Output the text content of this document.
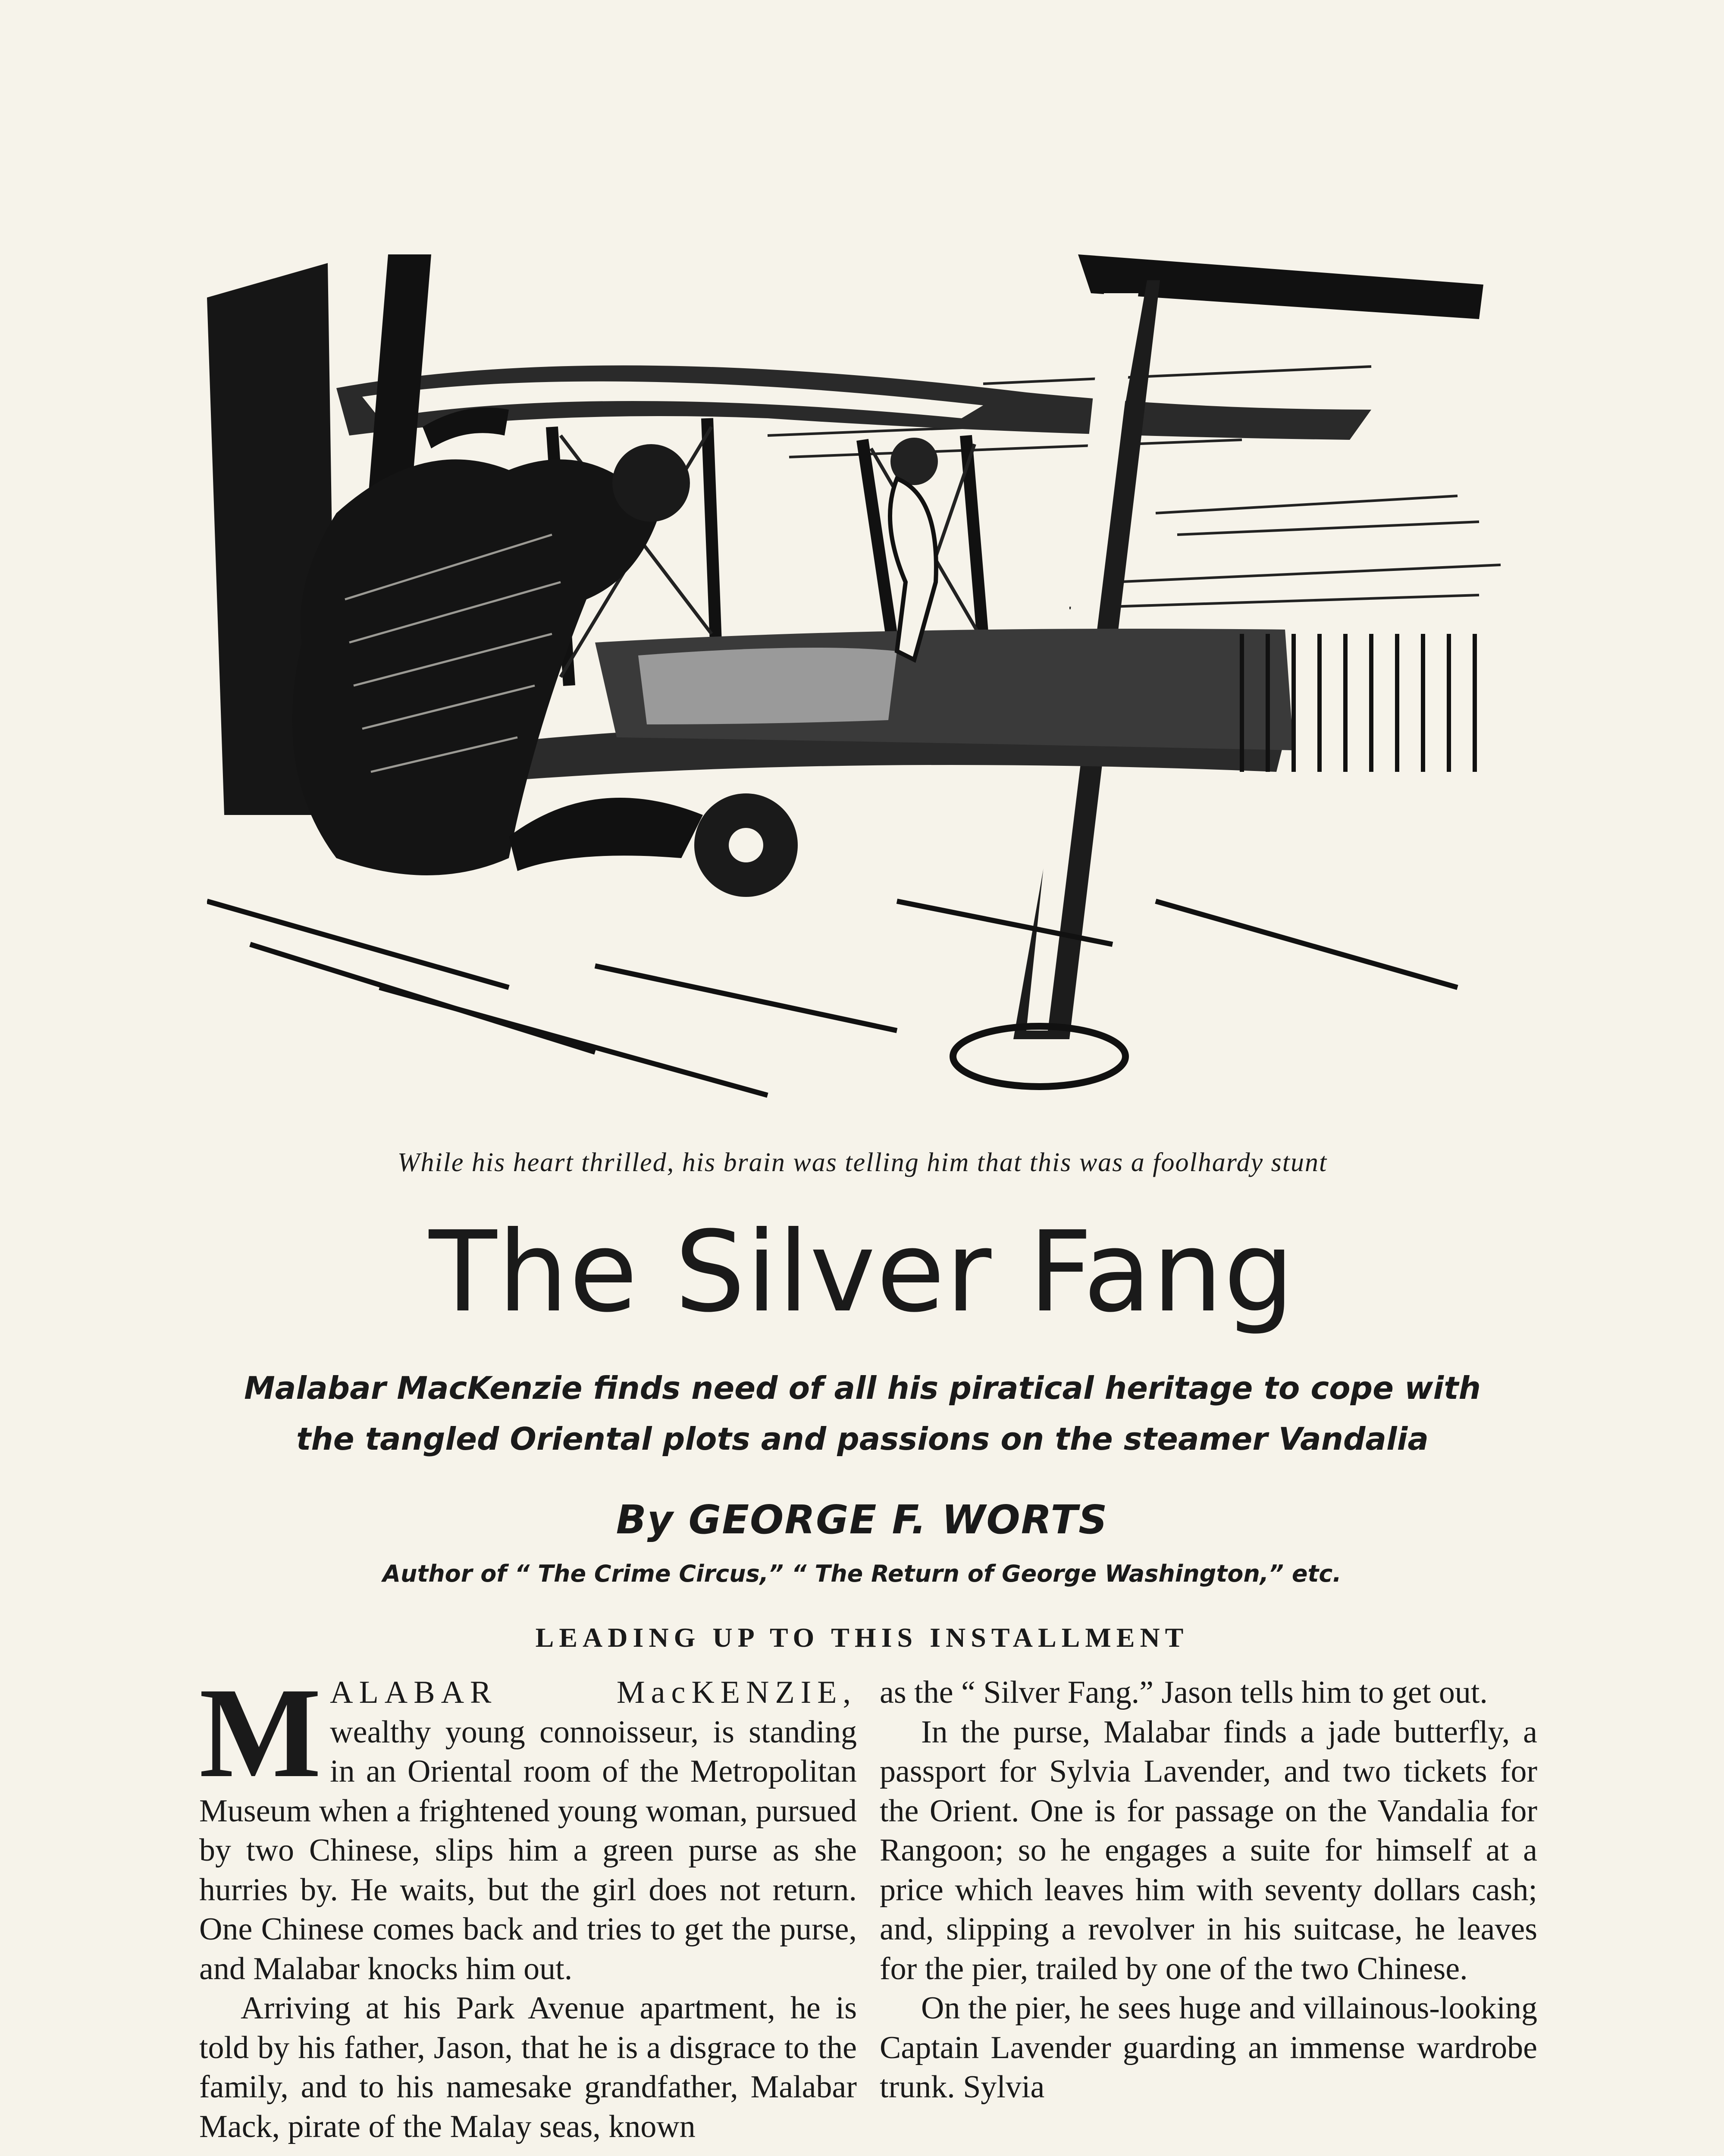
While his heart thrilled, his brain was telling him that this was a foolhardy stunt
The Silver Fang
Malabar MacKenzie finds need of all his piratical heritage to cope with the tangled Oriental plots and passions on the steamer Vandalia
By GEORGE F. WORTS
Author of “ The Crime Circus,” “ The Return of George Washington,” etc.
LEADING UP TO THIS INSTALLMENT

MALABAR MacKENZIE, wealthy young connoisseur, is standing in an Oriental room of the Metropolitan Museum when a frightened young woman, pursued by two Chinese, slips him a green purse as she hurries by. He waits, but the girl does not return. One Chinese comes back and tries to get the purse, and Malabar knocks him out.

Arriving at his Park Avenue apartment, he is told by his father, Jason, that he is a disgrace to the family, and to his namesake grandfather, Malabar Mack, pirate of the Malay seas, known

as the “ Silver Fang.” Jason tells him to get out.

In the purse, Malabar finds a jade butterfly, a passport for Sylvia Lavender, and two tickets for the Orient. One is for passage on the Vandalia for Rangoon; so he engages a suite for himself at a price which leaves him with seventy dollars cash; and, slipping a revolver in his suitcase, he leaves for the pier, trailed by one of the two Chinese.

On the pier, he sees huge and villainous-looking Captain Lavender guarding an immense wardrobe trunk. Sylvia
